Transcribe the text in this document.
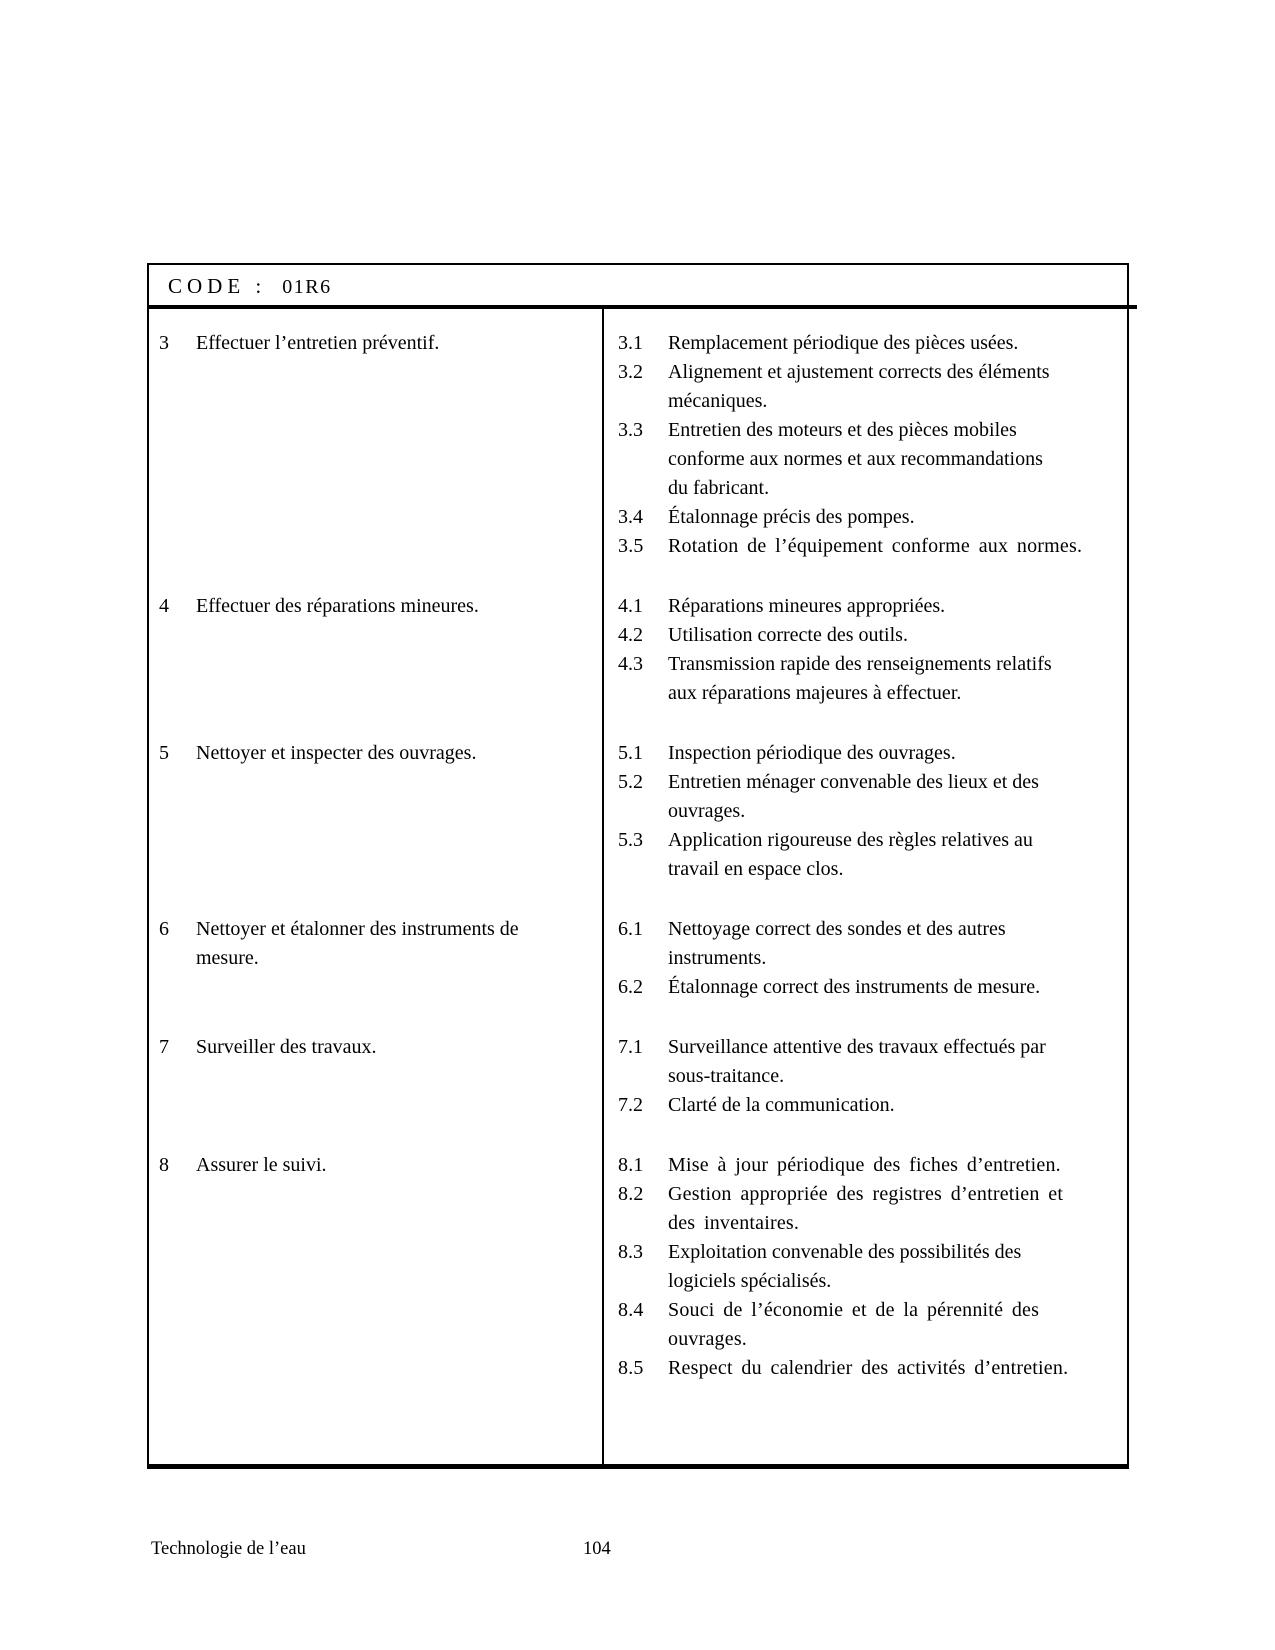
CODE : 01R6
3	Effectuer l’entretien préventif.	3.1	Remplacement périodique des pièces usées.
3.2	Alignement et ajustement corrects des éléments
mécaniques.
3.3	Entretien des moteurs et des pièces mobiles
conforme aux normes et aux recommandations
du fabricant.
3.4	Étalonnage précis des pompes.
3.5	Rotation de l’équipement conforme aux normes.
4	Effectuer des réparations mineures.	4.1	Réparations mineures appropriées.
4.2	Utilisation correcte des outils.
4.3	Transmission rapide des renseignements relatifs
aux réparations majeures à effectuer.
5	Nettoyer et inspecter des ouvrages.	5.1	Inspection périodique des ouvrages.
5.2	Entretien ménager convenable des lieux et des
ouvrages.
5.3	Application rigoureuse des règles relatives au
travail en espace clos.
6	Nettoyer et étalonner des instruments de
mesure.
6.1	Nettoyage correct des sondes et des autres
instruments.
6.2	Étalonnage correct des instruments de mesure.
7	Surveiller des travaux.	7.1	Surveillance attentive des travaux effectués par
sous-traitance.
7.2	Clarté de la communication.
8	Assurer le suivi.	8.1	Mise à jour périodique des fiches d’entretien.
8.2	Gestion appropriée des registres d’entretien et
des inventaires.
8.3	Exploitation convenable des possibilités des
logiciels spécialisés.
8.4	Souci de l’économie et de la pérennité des
ouvrages.
8.5	Respect du calendrier des activités d’entretien.
Technologie de l’eau	104
